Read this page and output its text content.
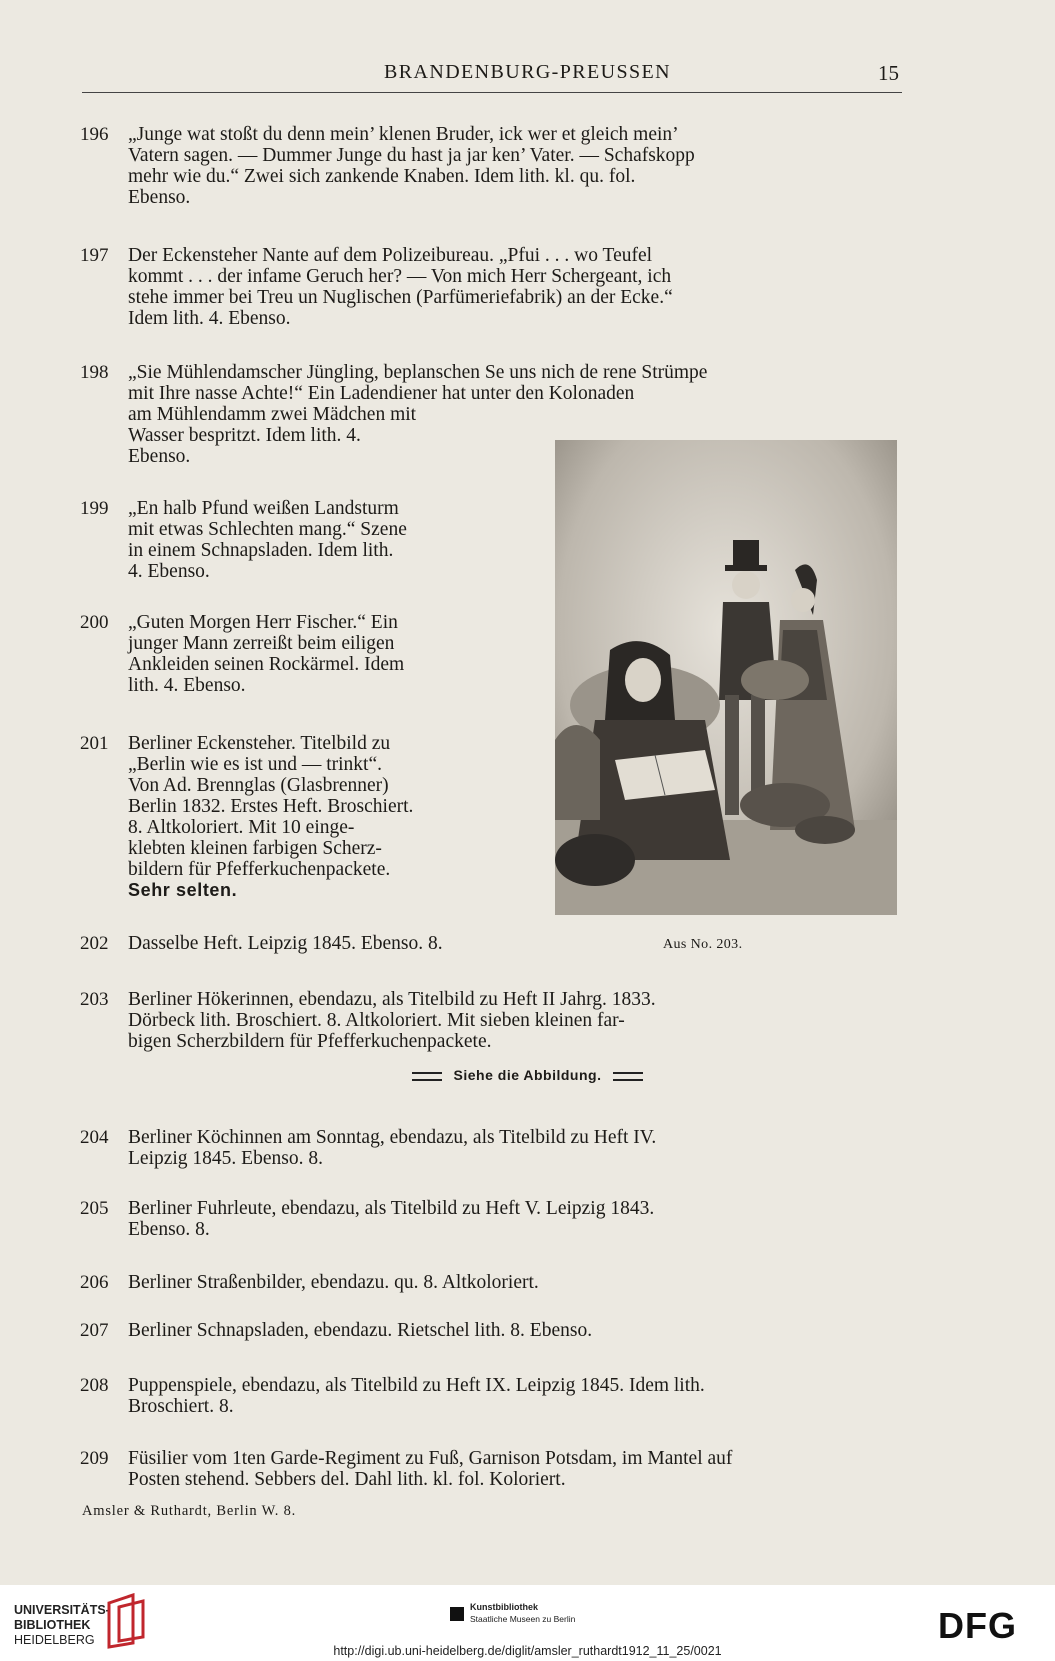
BRANDENBURG-PREUSSEN	15
196	„Junge wat stoßt du denn mein’ klenen Bruder, ick wer et gleich mein’
Vatern sagen. — Dummer Junge du hast ja jar ken’ Vater. — Schafskopp
mehr wie du.“ Zwei sich zankende Knaben. Idem lith. kl. qu. fol.
Ebenso.
197	Der Eckensteher Nante auf dem Polizeibureau. „Pfui . . . wo Teufel
kommt . . . der infame Geruch her? — Von mich Herr Schergeant, ich
stehe immer bei Treu un Nuglischen (Parfümeriefabrik) an der Ecke.“
Idem lith. 4. Ebenso.
198	„Sie Mühlendamscher Jüngling, beplanschen Se uns nich de rene Strümpe
mit Ihre nasse Achte!“ Ein Ladendiener hat unter den Kolonaden
am Mühlendamm zwei Mädchen mit
Wasser bespritzt. Idem lith. 4.
Ebenso.
199	„En halb Pfund weißen Landsturm
mit etwas Schlechten mang.“ Szene
in einem Schnapsladen. Idem lith.
4. Ebenso.
200	„Guten Morgen Herr Fischer.“ Ein
junger Mann zerreißt beim eiligen
Ankleiden seinen Rockärmel. Idem
lith. 4. Ebenso.
201	Berliner Eckensteher. Titelbild zu
„Berlin wie es ist und — trinkt“.
Von Ad. Brennglas (Glasbrenner)
Berlin 1832. Erstes Heft. Broschiert.
8. Altkoloriert. Mit 10 einge-
klebten kleinen farbigen Scherz-
bildern für Pfefferkuchenpackete.
Sehr selten.
202	Dasselbe Heft. Leipzig 1845. Ebenso. 8.	Aus No. 203.
203	Berliner Hökerinnen, ebendazu, als Titelbild zu Heft II Jahrg. 1833.
Dörbeck lith. Broschiert. 8. Altkoloriert. Mit sieben kleinen far-
bigen Scherzbildern für Pfefferkuchenpackete.
Siehe die Abbildung.
204	Berliner Köchinnen am Sonntag, ebendazu, als Titelbild zu Heft IV.
Leipzig 1845. Ebenso. 8.
205	Berliner Fuhrleute, ebendazu, als Titelbild zu Heft V. Leipzig 1843.
Ebenso. 8.
206	Berliner Straßenbilder, ebendazu. qu. 8. Altkoloriert.
207	Berliner Schnapsladen, ebendazu. Rietschel lith. 8. Ebenso.
208	Puppenspiele, ebendazu, als Titelbild zu Heft IX. Leipzig 1845. Idem lith.
Broschiert. 8.
209	Füsilier vom 1ten Garde-Regiment zu Fuß, Garnison Potsdam, im Mantel auf
Posten stehend. Sebbers del. Dahl lith. kl. fol. Koloriert.
Amsler & Ruthardt, Berlin W. 8.
UNIVERSITÄTS-
BIBLIOTHEK
HEIDELBERG
Kunstbibliothek
Staatliche Museen zu Berlin	DFG
http://digi.ub.uni-heidelberg.de/diglit/amsler_ruthardt1912_11_25/0021
